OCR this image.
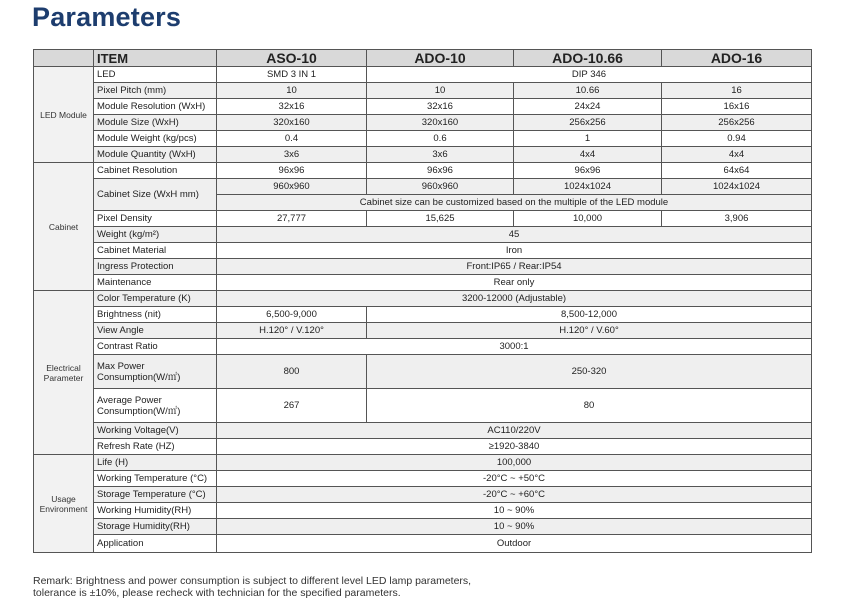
Parameters
	ITEM	ASO-10	ADO-10	ADO-10.66	ADO-16
LED Module	LED	SMD 3 IN 1	DIP 346		
	Pixel Pitch (mm)	10	10	10.66	16
	Module Resolution (WxH)	32x16	32x16	24x24	16x16
	Module Size (WxH)	320x160	320x160	256x256	256x256
	Module Weight (kg/pcs)	0.4	0.6	1	0.94
	Module Quantity (WxH)	3x6	3x6	4x4	4x4
Cabinet	Cabinet Resolution	96x96	96x96	96x96	64x64
	Cabinet Size (WxH mm)	960x960	960x960	1024x1024	1024x1024
		Cabinet size can be customized based on the multiple of the LED module			
	Pixel Density	27,777	15,625	10,000	3,906
	Weight (kg/m²)	45			
	Cabinet Material	Iron			
	Ingress Protection	Front:IP65 / Rear:IP54			
	Maintenance	Rear only			
Electrical Parameter	Color Temperature (K)	3200-12000 (Adjustable)			
	Brightness (nit)	6,500-9,000	8,500-12,000		
	View Angle	H.120° / V.120°	H.120° / V.60°		
	Contrast Ratio	3000:1			
	Max Power Consumption(W/㎡)	800	250-320		
	Average Power Consumption(W/㎡)	267	80		
	Working Voltage(V)	AC110/220V			
	Refresh Rate (HZ)	≥1920-3840			
Usage Environment	Life (H)	100,000			
	Working Temperature (°C)	-20°C ~ +50°C			
	Storage Temperature (°C)	-20°C ~ +60°C			
	Working Humidity(RH)	10 ~ 90%			
	Storage Humidity(RH)	10 ~ 90%			
	Application	Outdoor			
Remark: Brightness and power consumption is subject to different level LED lamp parameters,
tolerance is ±10%, please recheck with technician for the specified parameters.
